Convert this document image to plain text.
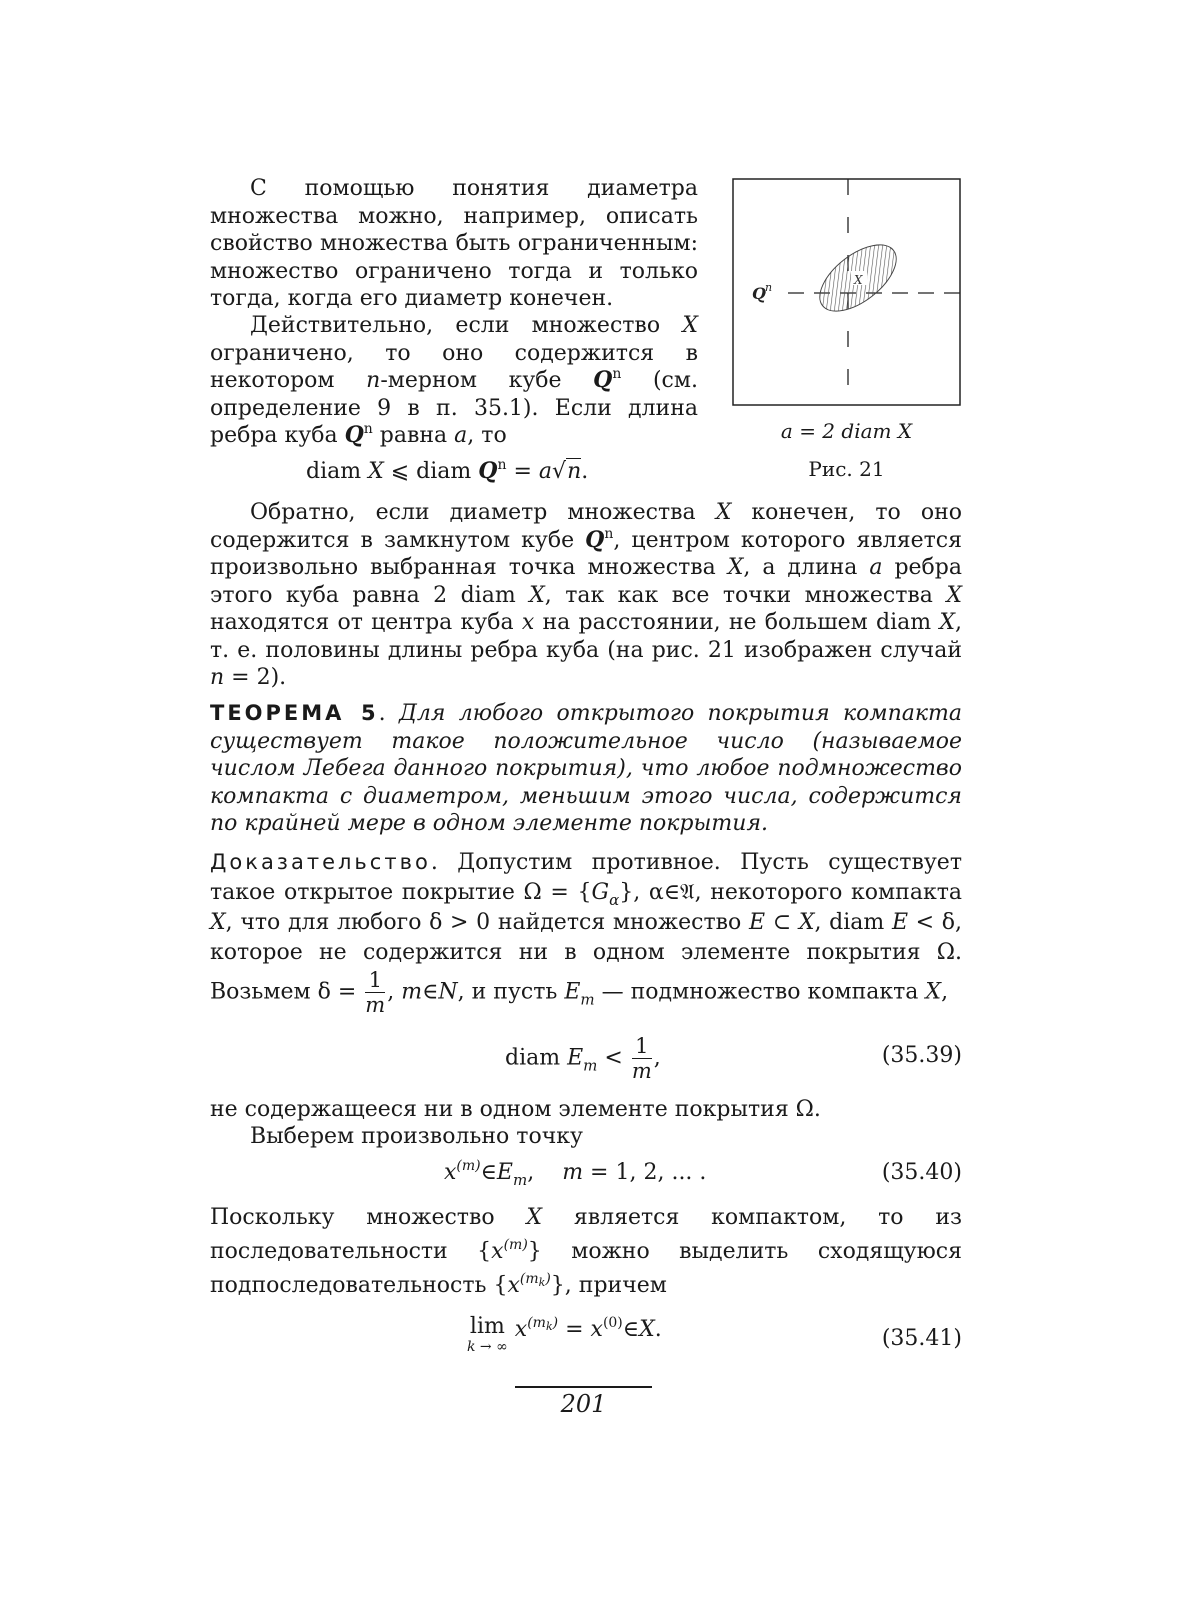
С помощью понятия диаметра множества можно, например, описать свойство множества быть ограниченным: множество ограничено тогда и только тогда, когда его диаметр конечен.

Действительно, если множество X ограничено, то оно содержится в некотором n-мерном кубе $Q^n$ (см. определение 9 в п. 35.1). Если длина ребра куба $Q^n$ равна a, то

diam X ⩽ diam $Q^n = a√n$.
Q n
X
a = 2 diam X
Рис. 21

Обратно, если диаметр множества X конечен, то оно содержится в замкнутом кубе $Q^n$, центром которого является произвольно выбранная точка множества X, а длина a ребра этого куба равна 2 diam X, так как все точки множества X находятся от центра куба x на расстоянии, не большем diam X, т. е. половины длины ребра куба (на рис. 21 изображен случай n = 2).

ТЕОРЕМА 5. Для любого открытого покрытия компакта существует такое положительное число (называемое числом Лебега данного покрытия), что любое подмножество компакта с диаметром, меньшим этого числа, содержится по крайней мере в одном элементе покрытия.

Доказательство. Допустим противное. Пусть существует такое открытое покрытие $\Omega = \{G_\alpha\}$, α∈𝔄, некоторого компакта X, что для любого δ > 0 найдется множество E ⊂ X, diam E < δ, которое не содержится ни в одном элементе покрытия Ω. Возьмем $\delta = \frac{1}{m}$ , m∈N, и пусть $E_m$ — подмножество компакта X,

diam $E_m < \frac{1}{m}$ ,	(35.39)

не содержащееся ни в одном элементе покрытия Ω.

Выберем произвольно точку

$x^{(m)}\in E_m$,    m = 1, 2, ... .	(35.40)

Поскольку множество X является компактом, то из последовательности $\{x^{(m)}\}$ можно выделить сходящуюся подпоследовательность $\{x^{(m_k)}\}$, причем

lim
k → ∞
$x^{(m_k)}$ = $x^{(0)}\in X$.	(35.41)
201
